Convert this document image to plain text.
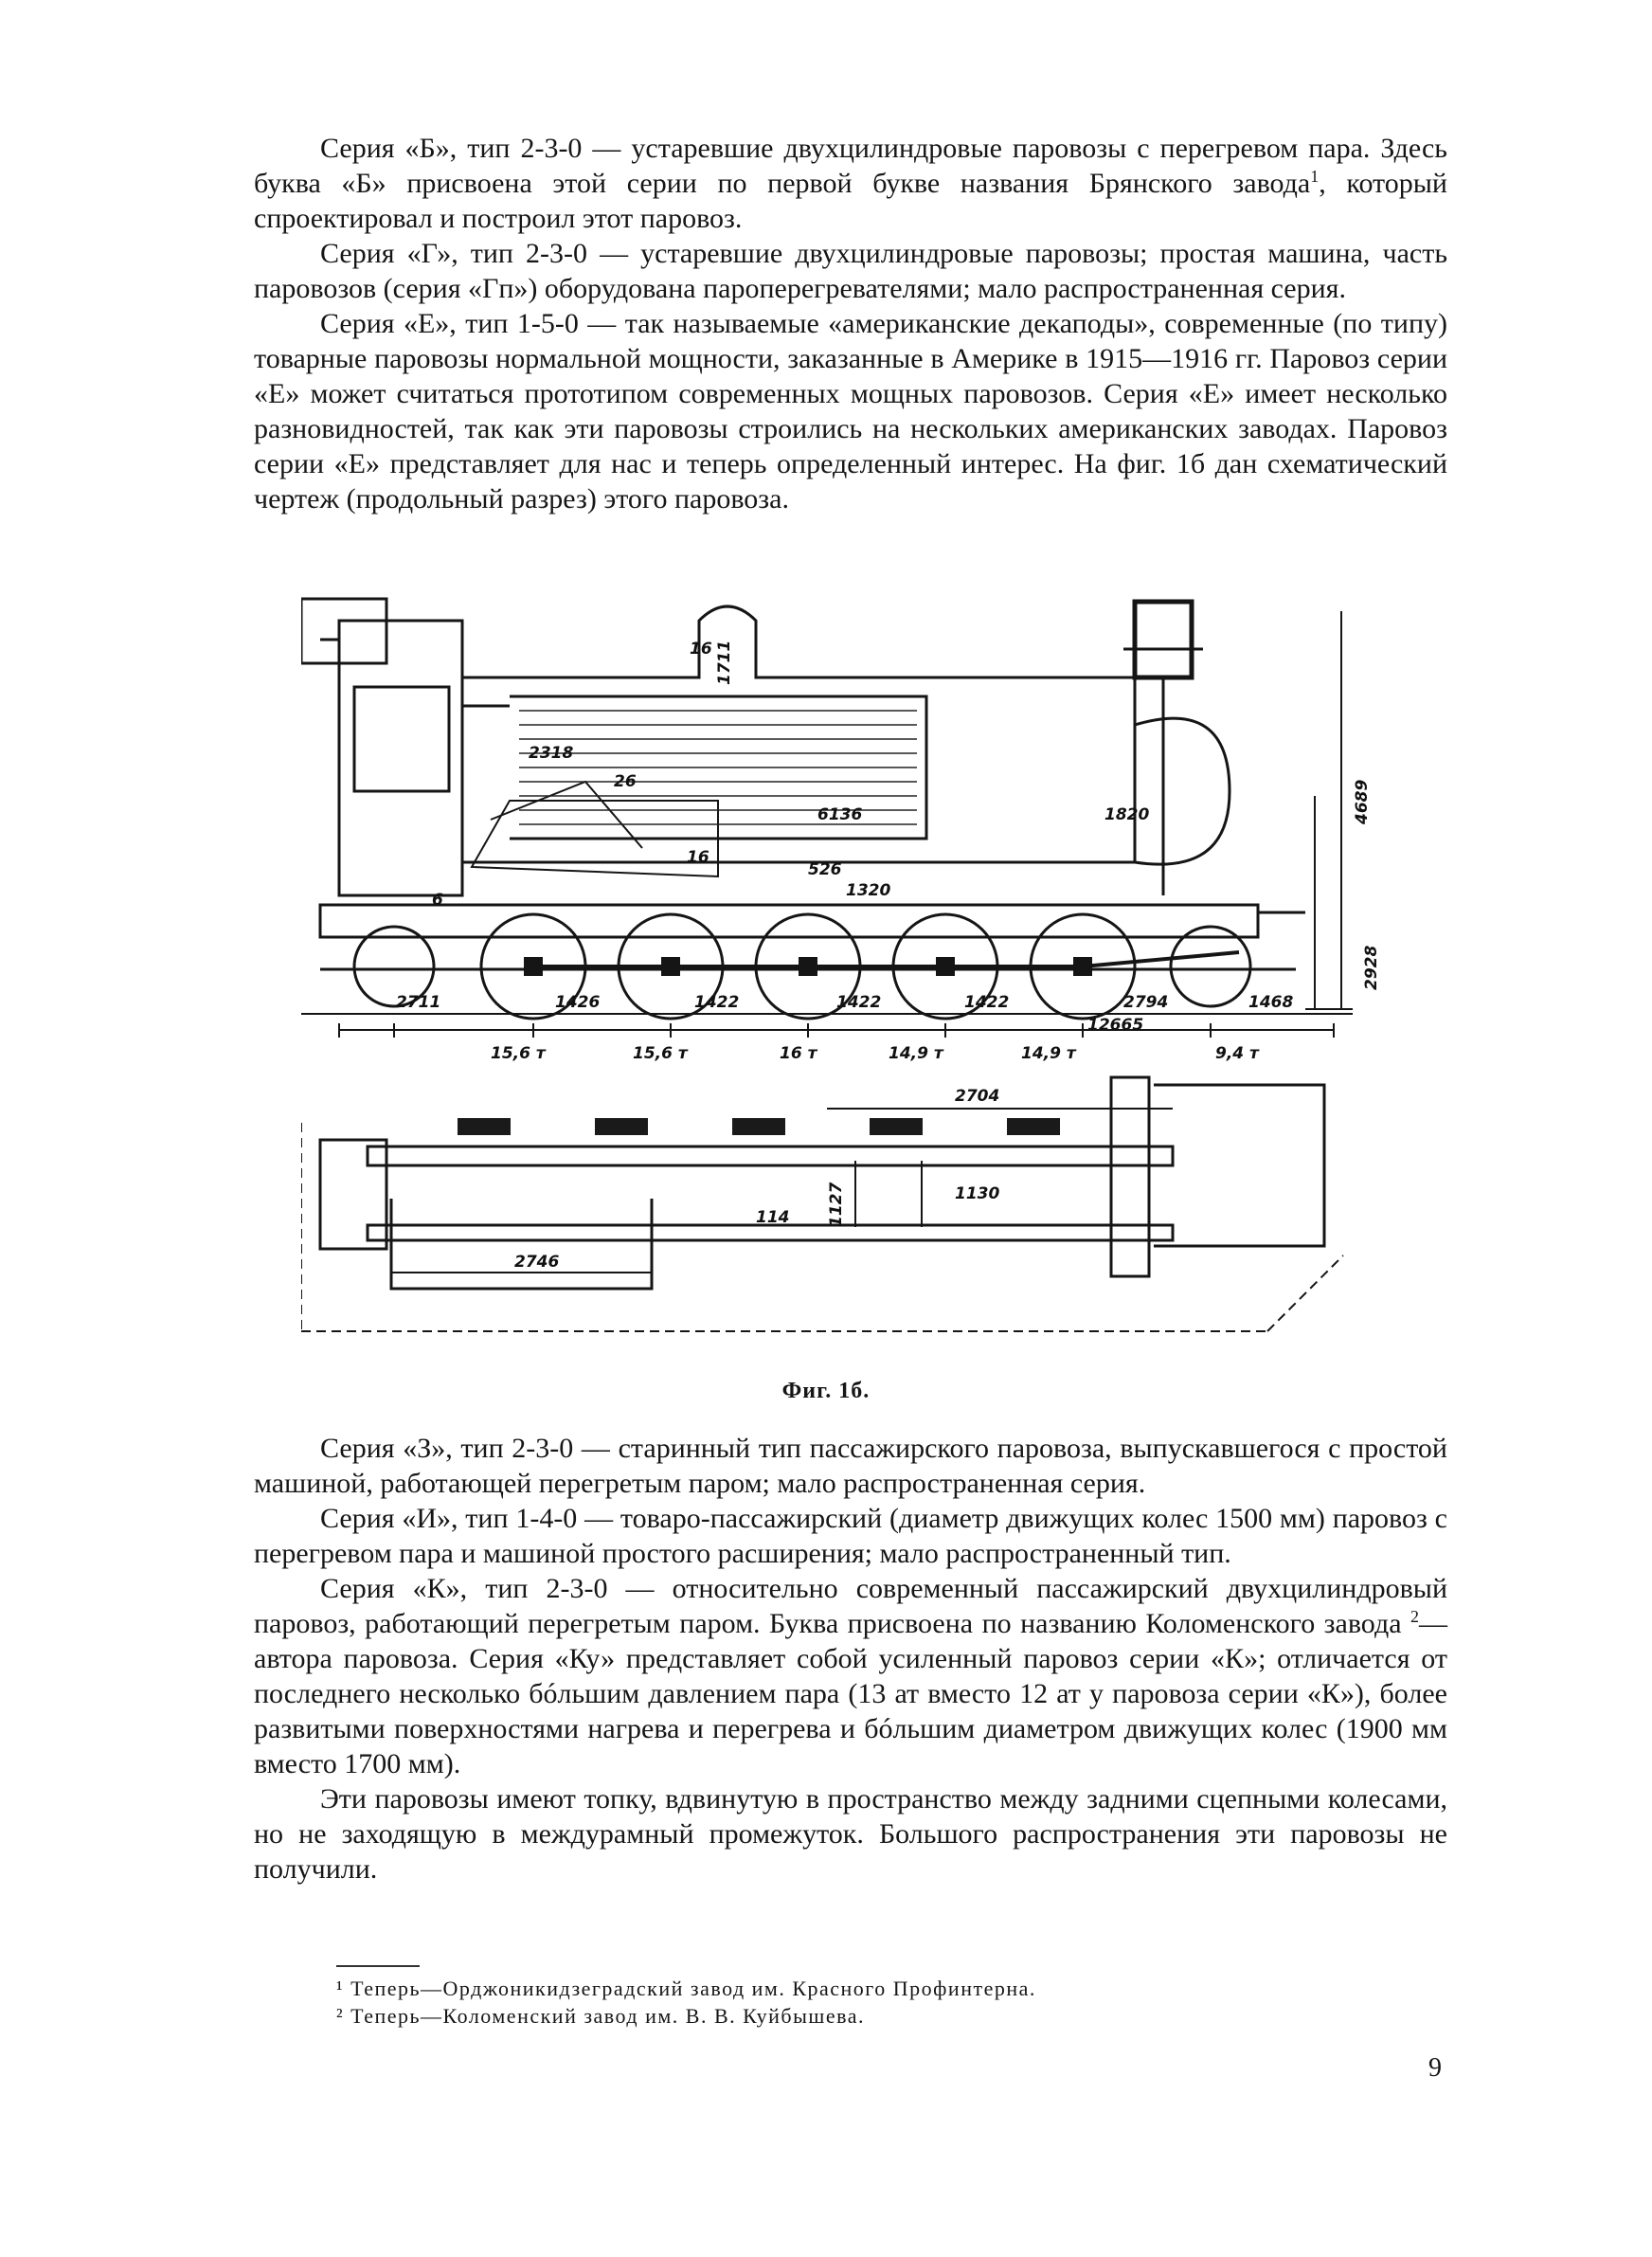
Серия «Б», тип 2-3-0 — устаревшие двухцилиндровые паровозы с перегревом пара. Здесь буква «Б» присвоена этой серии по первой букве названия Брянского завода$^1$, который спроектировал и построил этот паровоз.

Серия «Г», тип 2-3-0 — устаревшие двухцилиндровые паровозы; простая машина, часть паровозов (серия «Гп») оборудована пароперегревателями; мало распространенная серия.

Серия «Е», тип 1-5-0 — так называемые «американские декаподы», современные (по типу) товарные паровозы нормальной мощности, заказанные в Америке в 1915—1916 гг. Паровоз серии «Е» может считаться прототипом современных мощных паровозов. Серия «Е» имеет несколько разновидностей, так как эти паровозы строились на нескольких американских заводах. Паровоз серии «Е» представляет для нас и теперь определенный интерес. На фиг. 1б дан схематический чертеж (продольный разрез) этого паровоза.

16 1711
2318
26
6136	1820
16
526
1320
6
4689
2928
2711	1426	1422	1422	1422	2794	1468
12665
15,6 т	15,6 т	16 т	14,9 т	14,9 т	9,4 т
2704
1127	1130
114
2746
Фиг. 1б.

Серия «З», тип 2-3-0 — старинный тип пассажирского паровоза, выпускавшегося с простой машиной, работающей перегретым паром; мало распространенная серия.

Серия «И», тип 1-4-0 — товаро-пассажирский (диаметр движущих колес 1500 мм) паровоз с перегревом пара и машиной простого расширения; мало распространенный тип.

Серия «К», тип 2-3-0 — относительно современный пассажирский двухцилиндровый паровоз, работающий перегретым паром. Буква присвоена по названию Коломенского завода $^2$—автора паровоза. Серия «Ку» представляет собой усиленный паровоз серии «К»; отличается от последнего несколько бóльшим давлением пара (13 ат вместо 12 ат у паровоза серии «К»), более развитыми поверхностями нагрева и перегрева и бóльшим диаметром движущих колес (1900 мм вместо 1700 мм).

Эти паровозы имеют топку, вдвинутую в пространство между задними сцепными колесами, но не заходящую в междурамный промежуток. Большого распространения эти паровозы не получили.

¹ Теперь—Орджоникидзеградский завод им. Красного Профинтерна.
² Теперь—Коломенский завод им. В. В. Куйбышева.
9
